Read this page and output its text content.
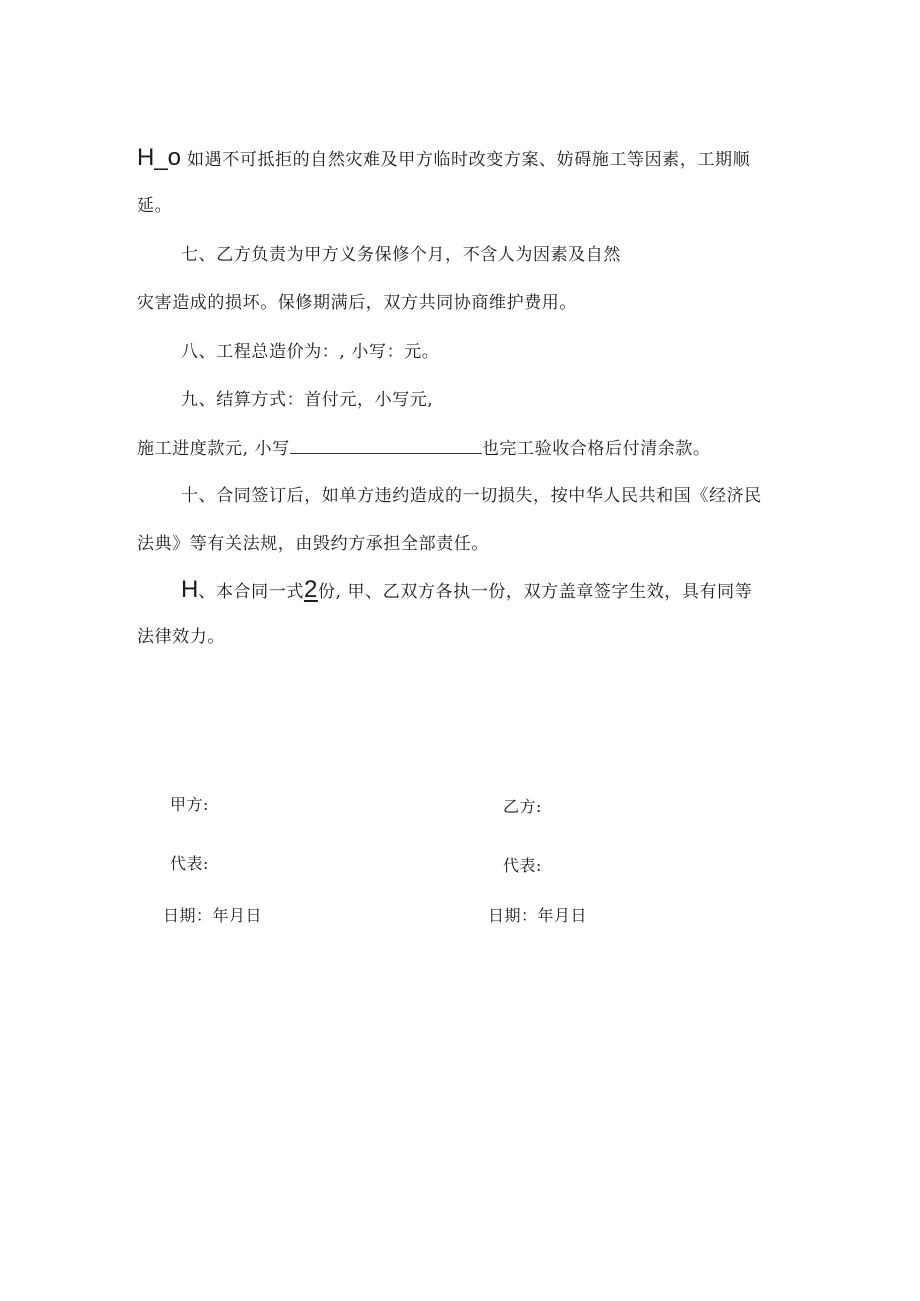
H_o 如遇不可抵拒的自然灾难及甲方临时改变方案、妨碍施工等因素，工期顺
延。
七、乙方负责为甲方义务保修个月，不含人为因素及自然
灾害造成的损坏。保修期满后，双方共同协商维护费用。
八、工程总造价为：, 小写：元。
九、结算方式：首付元，小写元,
施工进度款元, 小写	也完工验收合格后付清余款。
十、合同签订后，如单方违约造成的一切损失，按中华人民共和国《经济民
法典》等有关法规，由毁约方承担全部责任。
H、本合同一式2份, 甲、乙双方各执一份，双方盖章签字生效，具有同等
法律效力。
甲方:	乙方:
代表:	代表:
日期：年月日	日期：年月日
